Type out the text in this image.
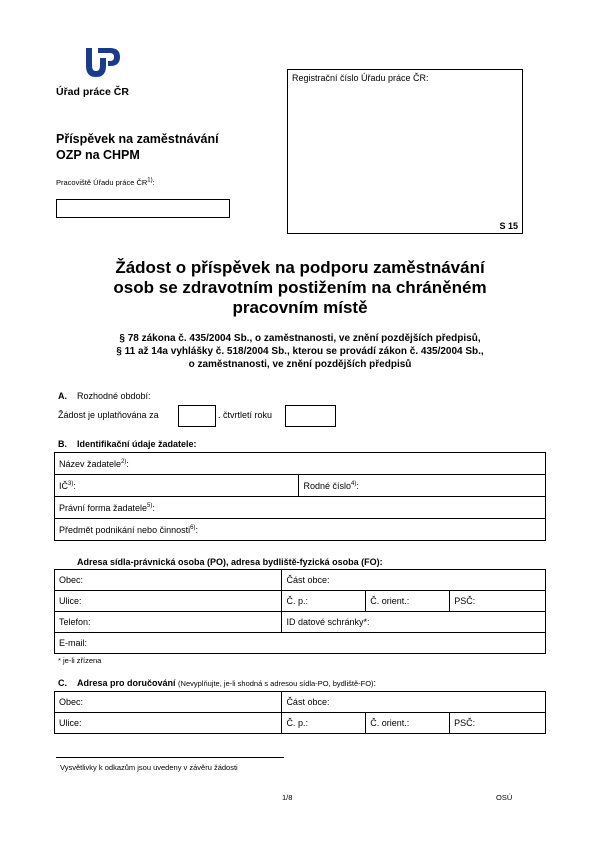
Úřad práce ČR
Registrační číslo Úřadu práce ČR:
S 15
Příspěvek na zaměstnávání
OZP na CHPM
Pracoviště Úřadu práce ČR$^{1)}$:
Žádost o příspěvek na podporu zaměstnávání
osob se zdravotním postižením na chráněném
pracovním místě
§ 78 zákona č. 435/2004 Sb., o zaměstnanosti, ve znění pozdějších předpisů,
§ 11 až 14a vyhlášky č. 518/2004 Sb., kterou se provádí zákon č. 435/2004 Sb.,
o zaměstnanosti, ve znění pozdějších předpisů
A. Rozhodné období:
Žádost je uplatňována za	. čtvrtletí roku
B. Identifikační údaje žadatele:
Název žadatele$^{2)}$:
IČ$^{3)}$:	Rodné číslo$^{4)}$:
Právní forma žadatele$^{5)}$:
Předmět podnikání nebo činnosti$^{6)}$:
Adresa sídla-právnická osoba (PO), adresa bydliště-fyzická osoba (FO):
Obec:	Část obce:		
Ulice:	Č. p.:	Č. orient.:	PSČ:
Telefon:	ID datové schránky*:		
E-mail:			
* je-li zřízena
C. Adresa pro doručování (Nevyplňujte, je-li shodná s adresou sídla-PO, bydliště-FO):
Obec:	Část obce:		
Ulice:	Č. p.:	Č. orient.:	PSČ:
Vysvětlivky k odkazům jsou uvedeny v závěru žádosti
1/8	OSÚ
